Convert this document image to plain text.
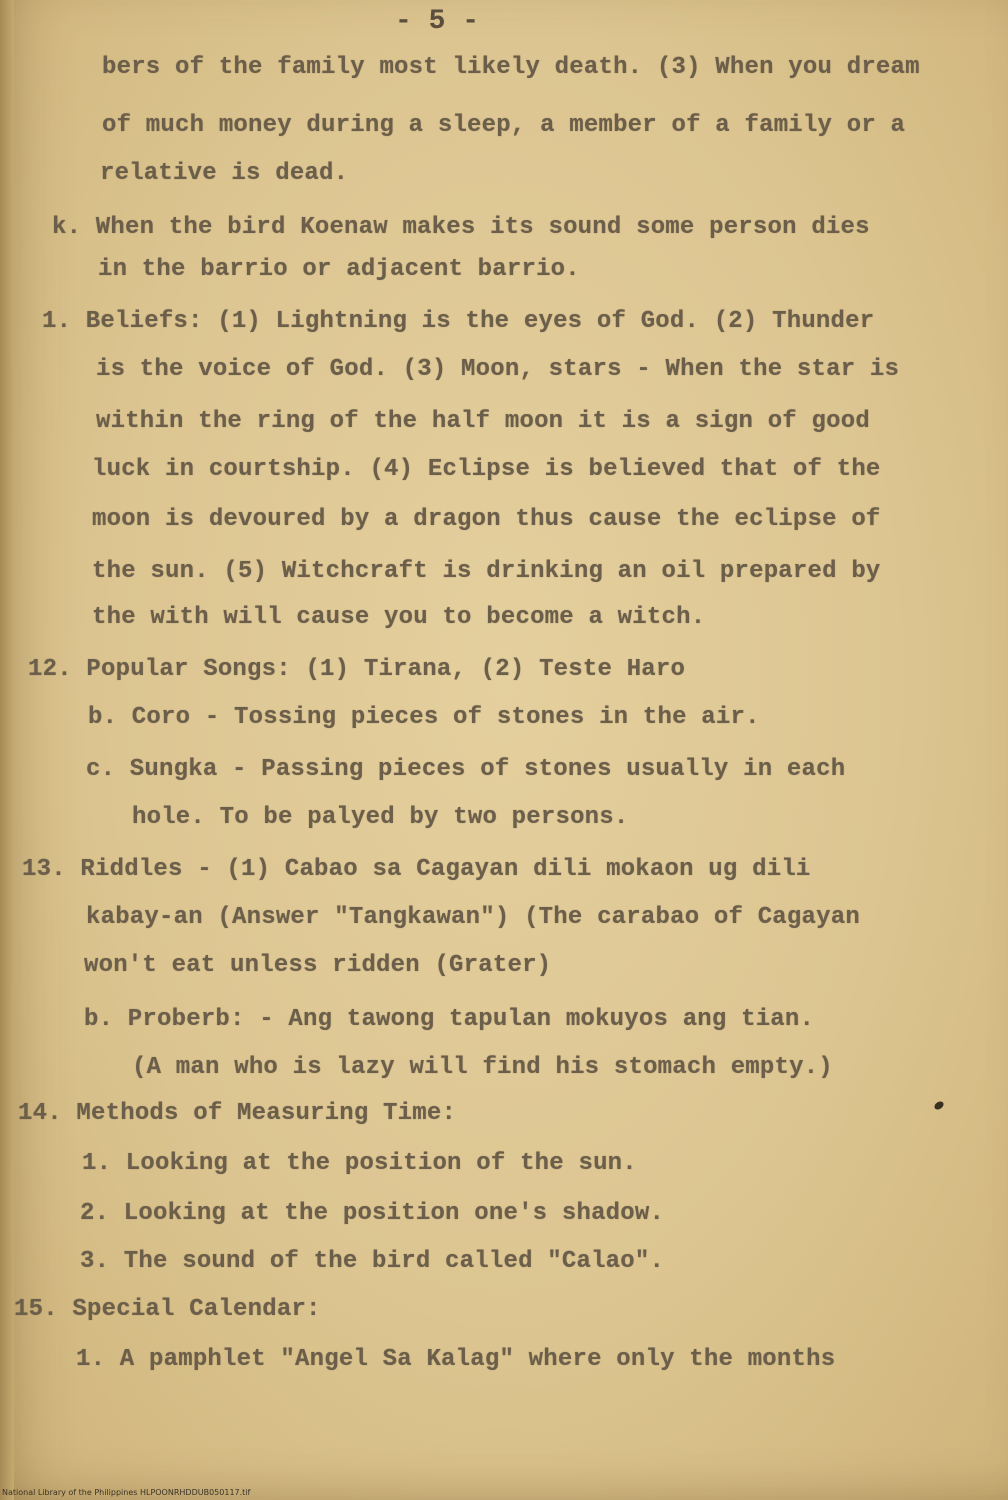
- 5 -
bers of the family most likely death. (3) When you dream
of much money during a sleep, a member of a family or a
relative is dead.
k. When the bird Koenaw makes its sound some person dies
in the barrio or adjacent barrio.
1. Beliefs: (1) Lightning is the eyes of God. (2) Thunder
is the voice of God. (3) Moon, stars - When the star is
within the ring of the half moon it is a sign of good
luck in courtship. (4) Eclipse is believed that of the
moon is devoured by a dragon thus cause the eclipse of
the sun. (5) Witchcraft is drinking an oil prepared by
the with will cause you to become a witch.
12. Popular Songs: (1) Tirana, (2) Teste Haro
b. Coro - Tossing pieces of stones in the air.
c. Sungka - Passing pieces of stones usually in each
hole. To be palyed by two persons.
13. Riddles - (1) Cabao sa Cagayan dili mokaon ug dili
kabay-an (Answer "Tangkawan") (The carabao of Cagayan
won't eat unless ridden (Grater)
b. Proberb: - Ang tawong tapulan mokuyos ang tian.
(A man who is lazy will find his stomach empty.)
14. Methods of Measuring Time:
1. Looking at the position of the sun.
2. Looking at the position one's shadow.
3. The sound of the bird called "Calao".
15. Special Calendar:
1. A pamphlet "Angel Sa Kalag" where only the months
National Library of the Philippines HLPOONRHDDUB050117.tif
